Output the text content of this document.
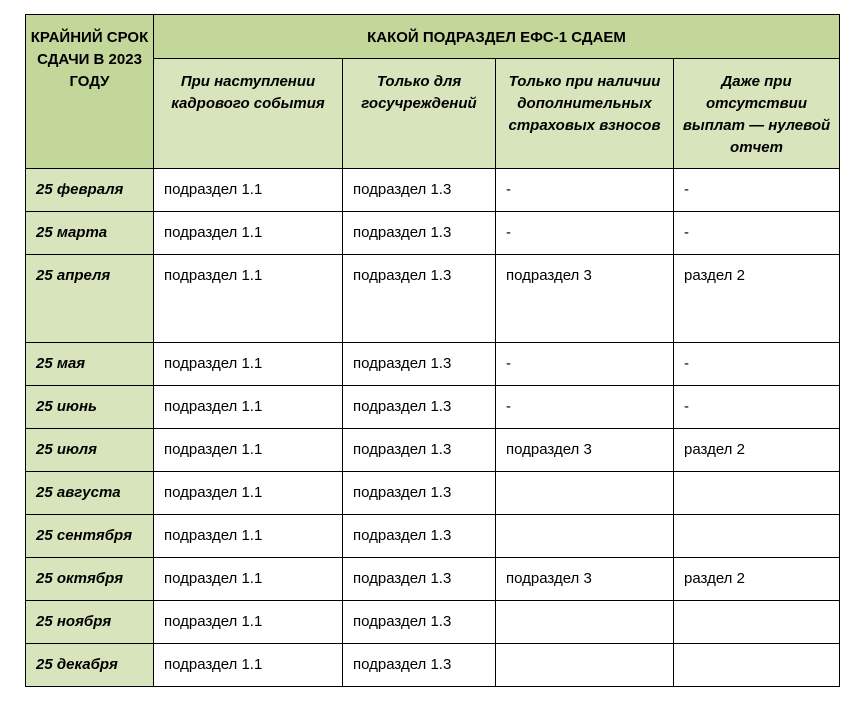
КРАЙНИЙ СРОК СДАЧИ В 2023 ГОДУ	КАКОЙ ПОДРАЗДЕЛ ЕФС-1 СДАЕМ			
	При наступлении кадрового события	Только для госучреждений	Только при наличии дополнительных страховых взносов	Даже при отсутствии выплат — нулевой отчет
25 февраля	подраздел 1.1	подраздел 1.3	-	-
25 марта	подраздел 1.1	подраздел 1.3	-	-
25 апреля	подраздел 1.1	подраздел 1.3	подраздел 3	раздел 2
25 мая	подраздел 1.1	подраздел 1.3	-	-
25 июнь	подраздел 1.1	подраздел 1.3	-	-
25 июля	подраздел 1.1	подраздел 1.3	подраздел 3	раздел 2
25 августа	подраздел 1.1	подраздел 1.3		
25 сентября	подраздел 1.1	подраздел 1.3		
25 октября	подраздел 1.1	подраздел 1.3	подраздел 3	раздел 2
25 ноября	подраздел 1.1	подраздел 1.3		
25 декабря	подраздел 1.1	подраздел 1.3		
